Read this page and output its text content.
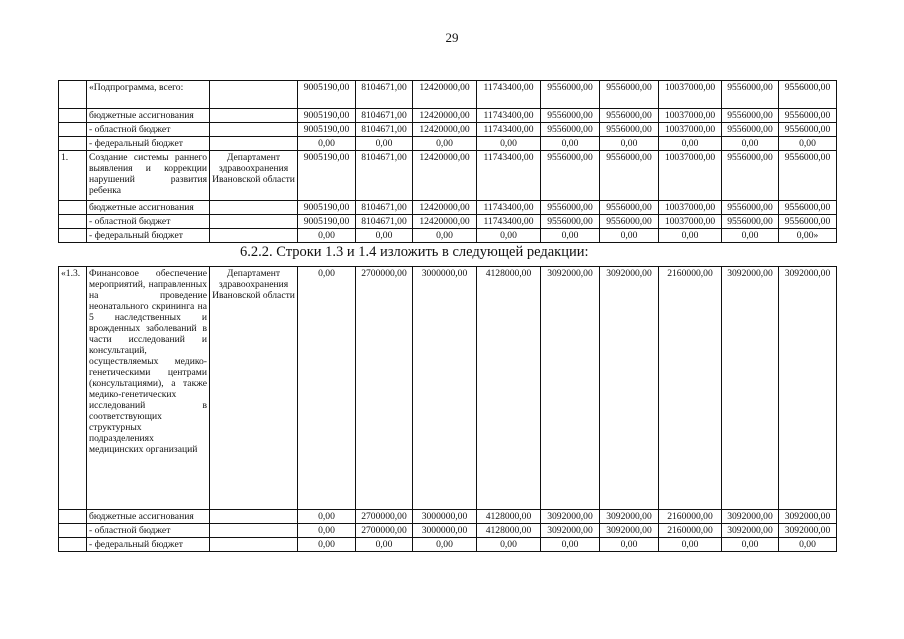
29
	«Подпрограмма, всего:		9005190,00	8104671,00	12420000,00	11743400,00	9556000,00	9556000,00	10037000,00	9556000,00	9556000,00
	бюджетные ассигнования		9005190,00	8104671,00	12420000,00	11743400,00	9556000,00	9556000,00	10037000,00	9556000,00	9556000,00
	- областной бюджет		9005190,00	8104671,00	12420000,00	11743400,00	9556000,00	9556000,00	10037000,00	9556000,00	9556000,00
	- федеральный бюджет		0,00	0,00	0,00	0,00	0,00	0,00	0,00	0,00	0,00
1.	Создание системы раннего выявления и коррекции нарушений развития ребенка	Департамент здравоохранения Ивановской области	9005190,00	8104671,00	12420000,00	11743400,00	9556000,00	9556000,00	10037000,00	9556000,00	9556000,00
	бюджетные ассигнования		9005190,00	8104671,00	12420000,00	11743400,00	9556000,00	9556000,00	10037000,00	9556000,00	9556000,00
	- областной бюджет		9005190,00	8104671,00	12420000,00	11743400,00	9556000,00	9556000,00	10037000,00	9556000,00	9556000,00
	- федеральный бюджет		0,00	0,00	0,00	0,00	0,00	0,00	0,00	0,00	0,00»
6.2.2. Строки 1.3 и 1.4 изложить в следующей редакции:
«1.3.	Финансовое обеспечение мероприятий, направленных на проведение неонатального скрининга на 5 наследственных и врожденных заболеваний в части исследований и консультаций, осуществляемых медико-генетическими центрами (консультациями), а также медико-генетических исследований в соответствующих структурных подразделениях медицинских организаций	Департамент здравоохранения Ивановской области	0,00	2700000,00	3000000,00	4128000,00	3092000,00	3092000,00	2160000,00	3092000,00	3092000,00
	бюджетные ассигнования		0,00	2700000,00	3000000,00	4128000,00	3092000,00	3092000,00	2160000,00	3092000,00	3092000,00
	- областной бюджет		0,00	2700000,00	3000000,00	4128000,00	3092000,00	3092000,00	2160000,00	3092000,00	3092000,00
	- федеральный бюджет		0,00	0,00	0,00	0,00	0,00	0,00	0,00	0,00	0,00
